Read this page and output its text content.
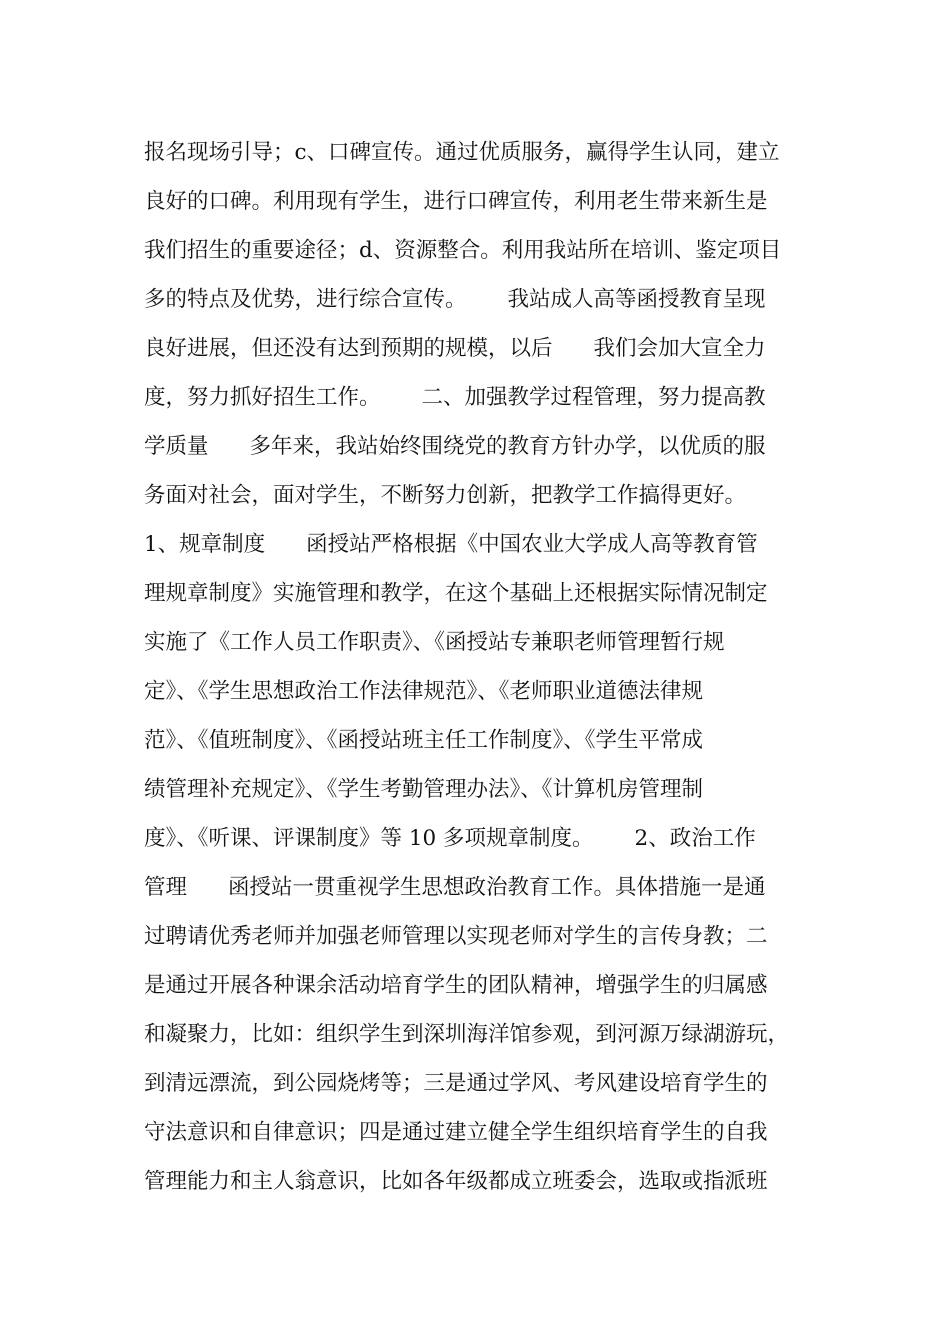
报名现场引导；c、口碑宣传。通过优质服务，赢得学生认同，建立
良好的口碑。利用现有学生，进行口碑宣传，利用老生带来新生是
我们招生的重要途径；d、资源整合。利用我站所在培训、鉴定项目
多的特点及优势，进行综合宣传。      我站成人高等函授教育呈现
良好进展，但还没有达到预期的规模，以后      我们会加大宣全力
度，努力抓好招生工作。      二、加强教学过程管理，努力提高教
学质量      多年来，我站始终围绕党的教育方针办学，以优质的服
务面对社会，面对学生，不断努力创新，把教学工作搞得更好。
1、规章制度      函授站严格根据《中国农业大学成人高等教育管
理规章制度》实施管理和教学，在这个基础上还根据实际情况制定
实施了《工作人员工作职责》、《函授站专兼职老师管理暂行规
定》、《学生思想政治工作法律规范》、《老师职业道德法律规
范》、《值班制度》、《函授站班主任工作制度》、《学生平常成
绩管理补充规定》、《学生考勤管理办法》、《计算机房管理制
度》、《听课、评课制度》等 10 多项规章制度。      2、政治工作
管理      函授站一贯重视学生思想政治教育工作。具体措施一是通
过聘请优秀老师并加强老师管理以实现老师对学生的言传身教；二
是通过开展各种课余活动培育学生的团队精神，增强学生的归属感
和凝聚力，比如：组织学生到深圳海洋馆参观，到河源万绿湖游玩，
到清远漂流，到公园烧烤等；三是通过学风、考风建设培育学生的
守法意识和自律意识；四是通过建立健全学生组织培育学生的自我
管理能力和主人翁意识，比如各年级都成立班委会，选取或指派班
